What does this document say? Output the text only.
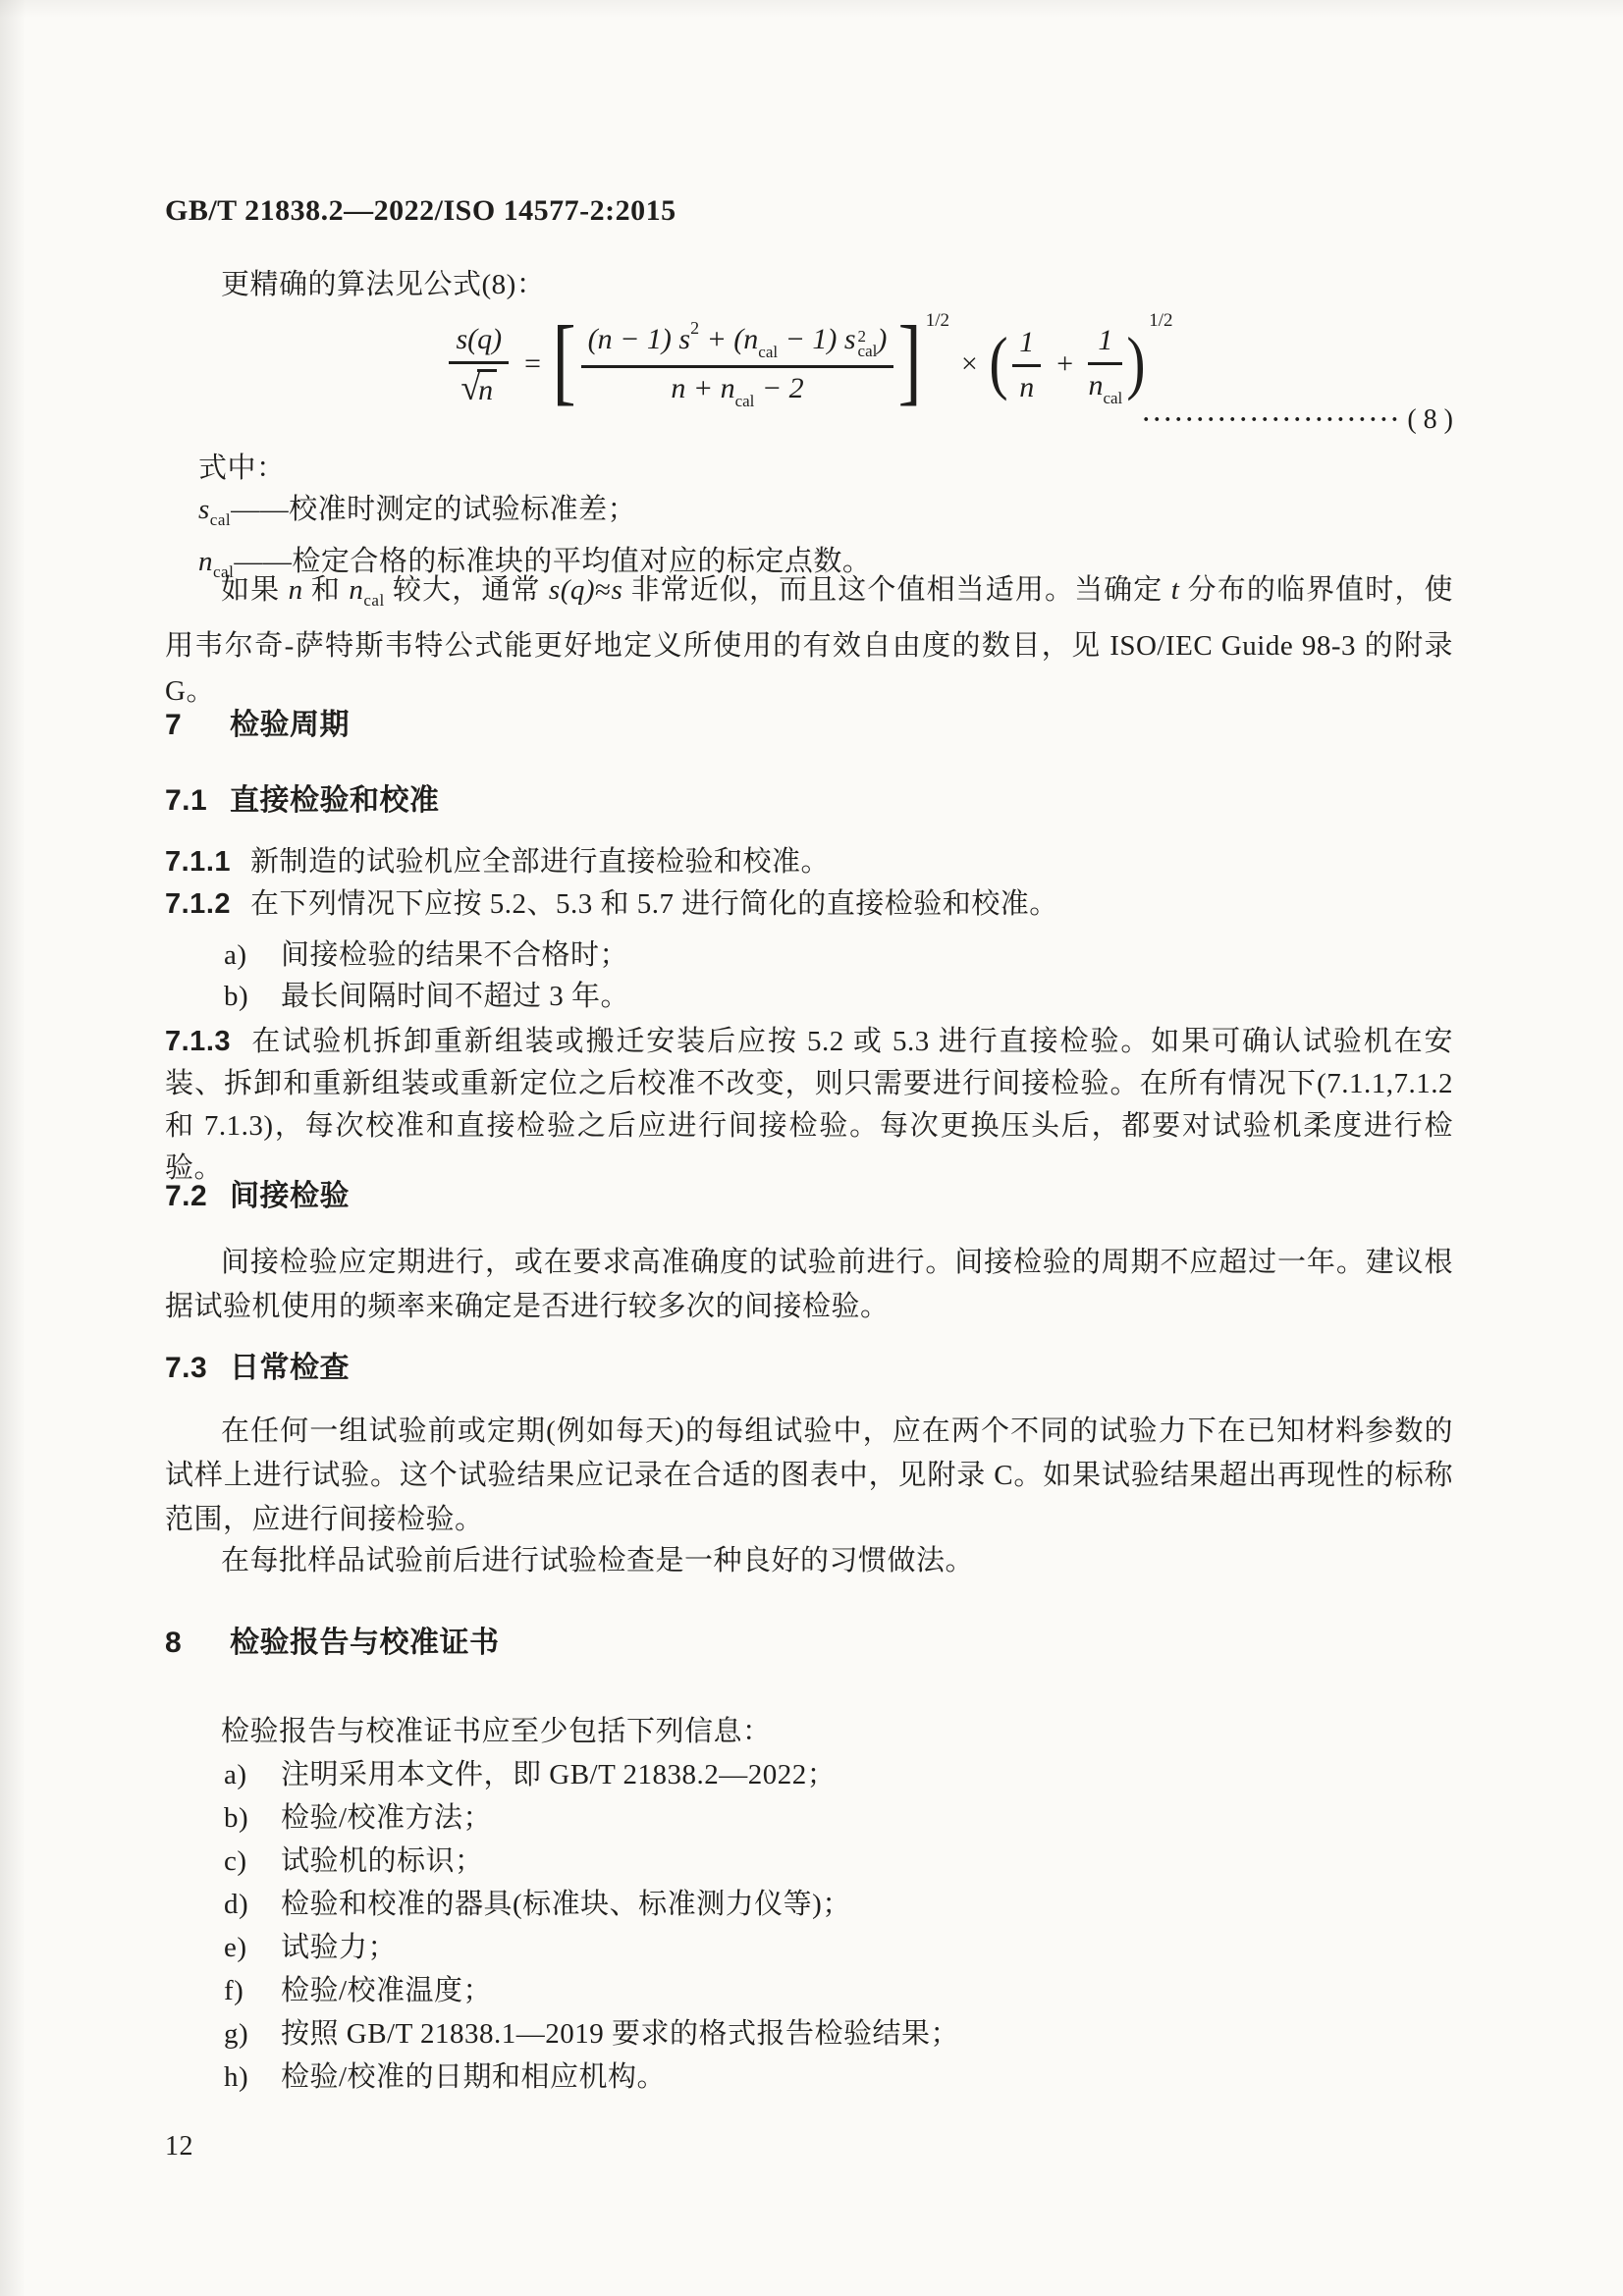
GB/T 21838.2—2022/ISO 14577-2:2015
更精确的算法见公式(8)：
$\frac{s(q)}{√n}$ = [ (n − 1) $s^2 + (n_{cal} - 1)$ s 2
cal )
$n + n_{cal} - 2$ ] 1/2
× ( $\frac{1}{n} + \frac{1}{n_{cal}}$ )
1/2
························ ( 8 )
式中：
$s_{cal}——$校准时测定的试验标准差；
$n_{cal}——$检定合格的标准块的平均值对应的标定点数。
如果 n 和 $n_{cal}$ 较大，通常 s(q)≈s 非常近似，而且这个值相当适用。当确定 t 分布的临界值时，使用韦尔奇-萨特斯韦特公式能更好地定义所使用的有效自由度的数目，见 ISO/IEC Guide 98-3 的附录 G。
7 检验周期
7.1 直接检验和校准
7.1.1 新制造的试验机应全部进行直接检验和校准。
7.1.2 在下列情况下应按 5.2、5.3 和 5.7 进行简化的直接检验和校准。
a) 间接检验的结果不合格时；
b) 最长间隔时间不超过 3 年。
7.1.3 在试验机拆卸重新组装或搬迁安装后应按 5.2 或 5.3 进行直接检验。如果可确认试验机在安装、拆卸和重新组装或重新定位之后校准不改变，则只需要进行间接检验。在所有情况下(7.1.1,7.1.2 和 7.1.3)，每次校准和直接检验之后应进行间接检验。每次更换压头后，都要对试验机柔度进行检验。
7.2 间接检验
间接检验应定期进行，或在要求高准确度的试验前进行。间接检验的周期不应超过一年。建议根据试验机使用的频率来确定是否进行较多次的间接检验。
7.3 日常检查
在任何一组试验前或定期(例如每天)的每组试验中，应在两个不同的试验力下在已知材料参数的试样上进行试验。这个试验结果应记录在合适的图表中，见附录 C。如果试验结果超出再现性的标称范围，应进行间接检验。
在每批样品试验前后进行试验检查是一种良好的习惯做法。
8 检验报告与校准证书
检验报告与校准证书应至少包括下列信息：
a) 注明采用本文件，即 GB/T 21838.2—2022；
b) 检验/校准方法；
c) 试验机的标识；
d) 检验和校准的器具(标准块、标准测力仪等)；
e) 试验力；
f) 检验/校准温度；
g) 按照 GB/T 21838.1—2019 要求的格式报告检验结果；
h) 检验/校准的日期和相应机构。
12
